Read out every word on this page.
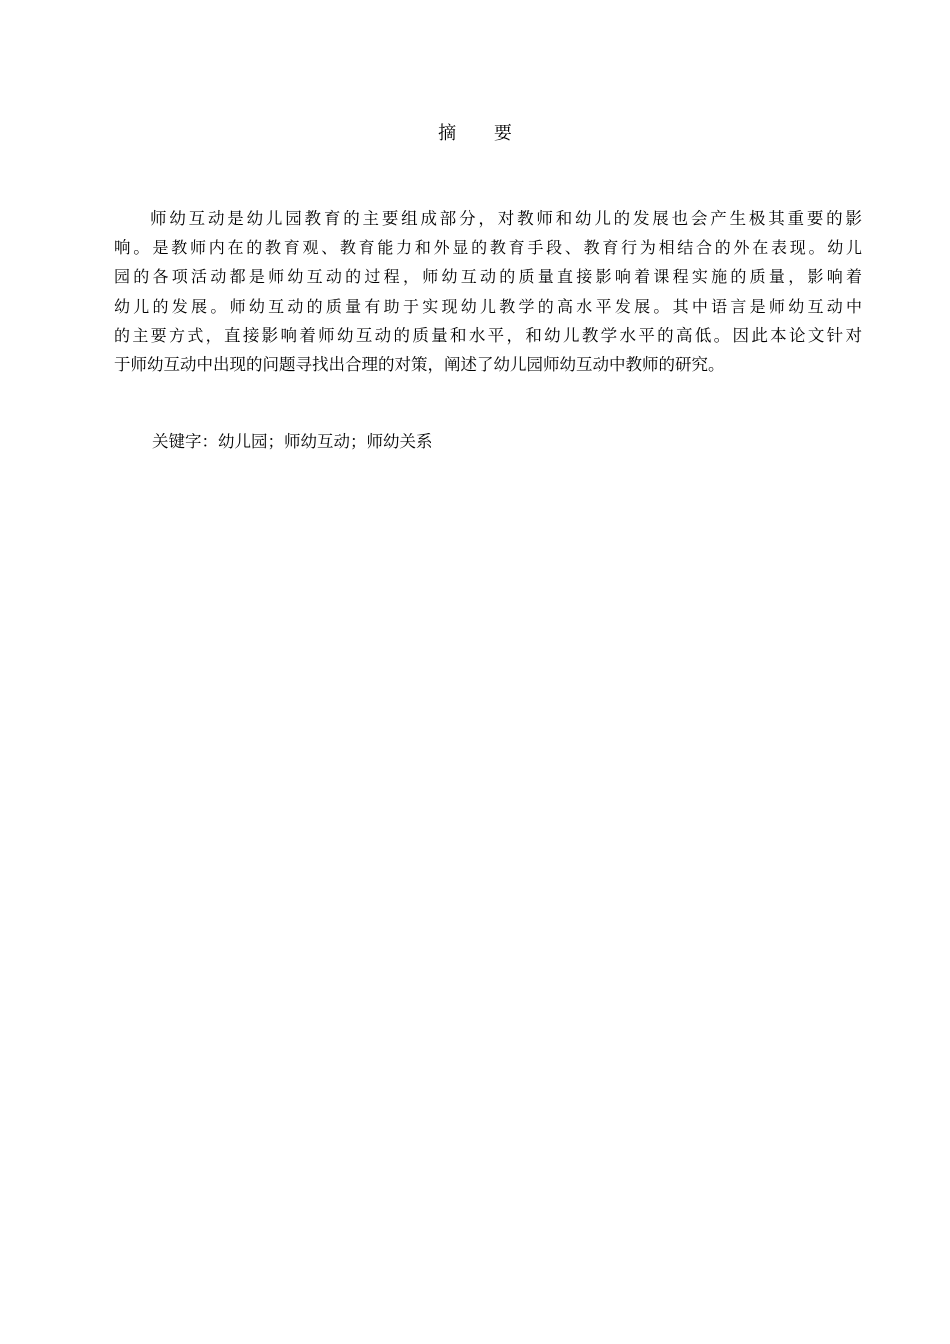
摘 要
师幼互动是幼儿园教育的主要组成部分，对教师和幼儿的发展也会产生极其重要的影
响。是教师内在的教育观、教育能力和外显的教育手段、教育行为相结合的外在表现。幼儿
园的各项活动都是师幼互动的过程，师幼互动的质量直接影响着课程实施的质量，影响着
幼儿的发展。师幼互动的质量有助于实现幼儿教学的高水平发展。其中语言是师幼互动中
的主要方式，直接影响着师幼互动的质量和水平，和幼儿教学水平的高低。因此本论文针对
于师幼互动中出现的问题寻找出合理的对策，阐述了幼儿园师幼互动中教师的研究。
关键字：幼儿园；师幼互动；师幼关系
